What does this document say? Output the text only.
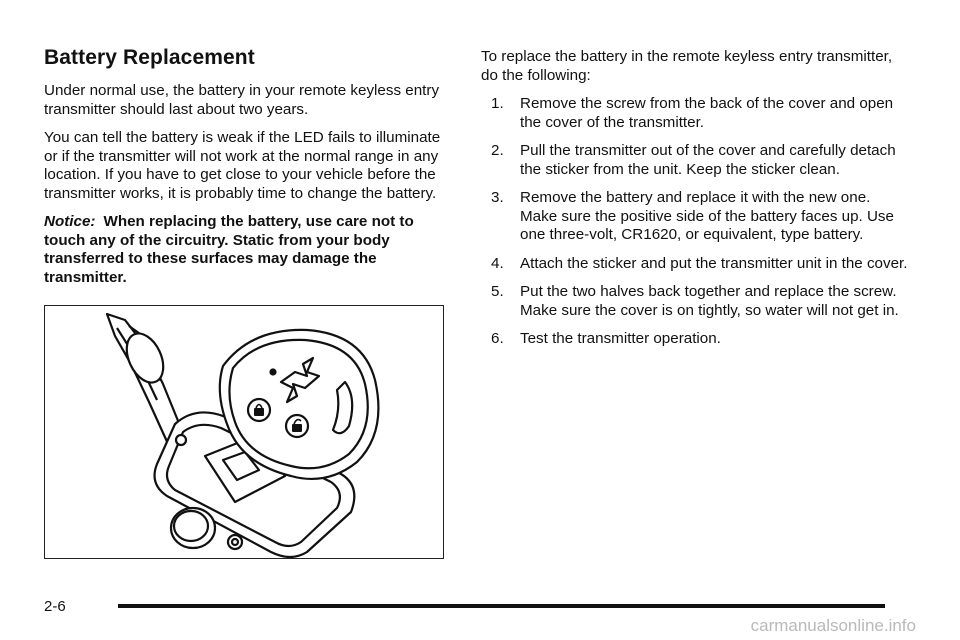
Battery Replacement

Under normal use, the battery in your remote keyless entry transmitter should last about two years.

You can tell the battery is weak if the LED fails to illuminate or if the transmitter will not work at the normal range in any location. If you have to get close to your vehicle before the transmitter works, it is probably time to change the battery.

Notice: When replacing the battery, use care not to touch any of the circuitry. Static from your body transferred to these surfaces may damage the transmitter.

To replace the battery in the remote keyless entry transmitter, do the following:

1. Remove the screw from the back of the cover and open the cover of the transmitter.
2. Pull the transmitter out of the cover and carefully detach the sticker from the unit. Keep the sticker clean.
3. Remove the battery and replace it with the new one. Make sure the positive side of the battery faces up. Use one three-volt, CR1620, or equivalent, type battery.
4. Attach the sticker and put the transmitter unit in the cover.
5. Put the two halves back together and replace the screw. Make sure the cover is on tightly, so water will not get in.
6. Test the transmitter operation.
2-6
carmanualsonline.info
